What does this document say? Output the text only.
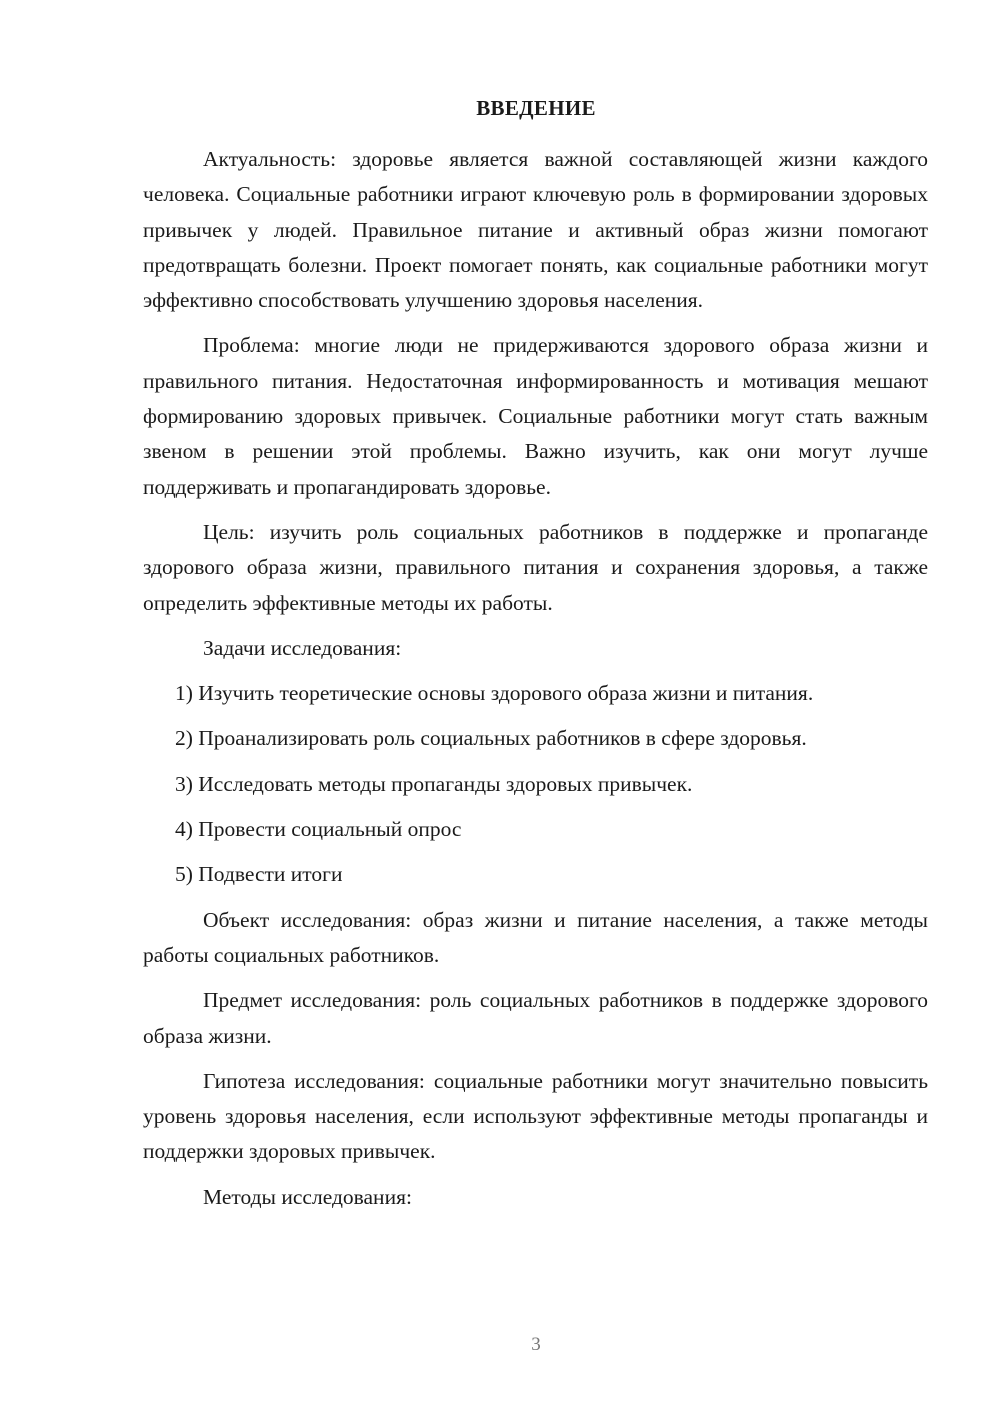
ВВЕДЕНИЕ

Актуальность: здоровье является важной составляющей жизни каждого человека. Социальные работники играют ключевую роль в формировании здоровых привычек у людей. Правильное питание и активный образ жизни помогают предотвращать болезни. Проект помогает понять, как социальные работники могут эффективно способствовать улучшению здоровья населения.

Проблема: многие люди не придерживаются здорового образа жизни и правильного питания. Недостаточная информированность и мотивация мешают формированию здоровых привычек. Социальные работники могут стать важным звеном в решении этой проблемы. Важно изучить, как они могут лучше поддерживать и пропагандировать здоровье.

Цель: изучить роль социальных работников в поддержке и пропаганде здорового образа жизни, правильного питания и сохранения здоровья, а также определить эффективные методы их работы.

Задачи исследования:

1) Изучить теоретические основы здорового образа жизни и питания.
2) Проанализировать роль социальных работников в сфере здоровья.
3) Исследовать методы пропаганды здоровых привычек.
4) Провести социальный опрос
5) Подвести итоги

Объект исследования: образ жизни и питание населения, а также методы работы социальных работников.

Предмет исследования: роль социальных работников в поддержке здорового образа жизни.

Гипотеза исследования: социальные работники могут значительно повысить уровень здоровья населения, если используют эффективные методы пропаганды и поддержки здоровых привычек.

Методы исследования:

3
